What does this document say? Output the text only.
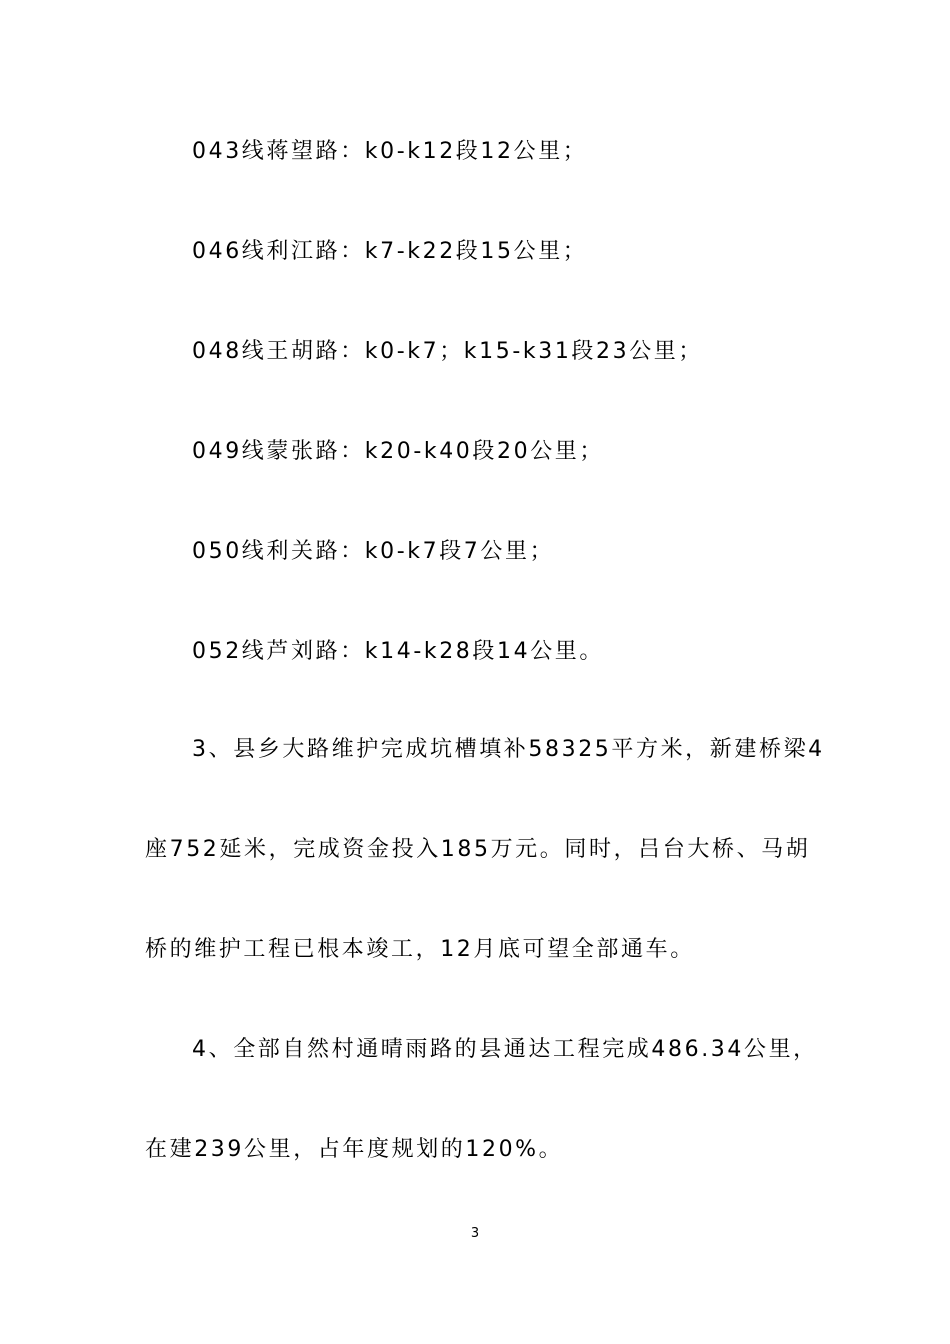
043线蒋望路：k0-k12段12公里；
046线利江路：k7-k22段15公里；
048线王胡路：k0-k7；k15-k31段23公里；
049线蒙张路：k20-k40段20公里；
050线利关路：k0-k7段7公里；
052线芦刘路：k14-k28段14公里。
3、县乡大路维护完成坑槽填补58325平方米，新建桥梁4
座752延米，完成资金投入185万元。同时，吕台大桥、马胡
桥的维护工程已根本竣工，12月底可望全部通车。
4、全部自然村通晴雨路的县通达工程完成486.34公里，
在建239公里，占年度规划的120%。
3
